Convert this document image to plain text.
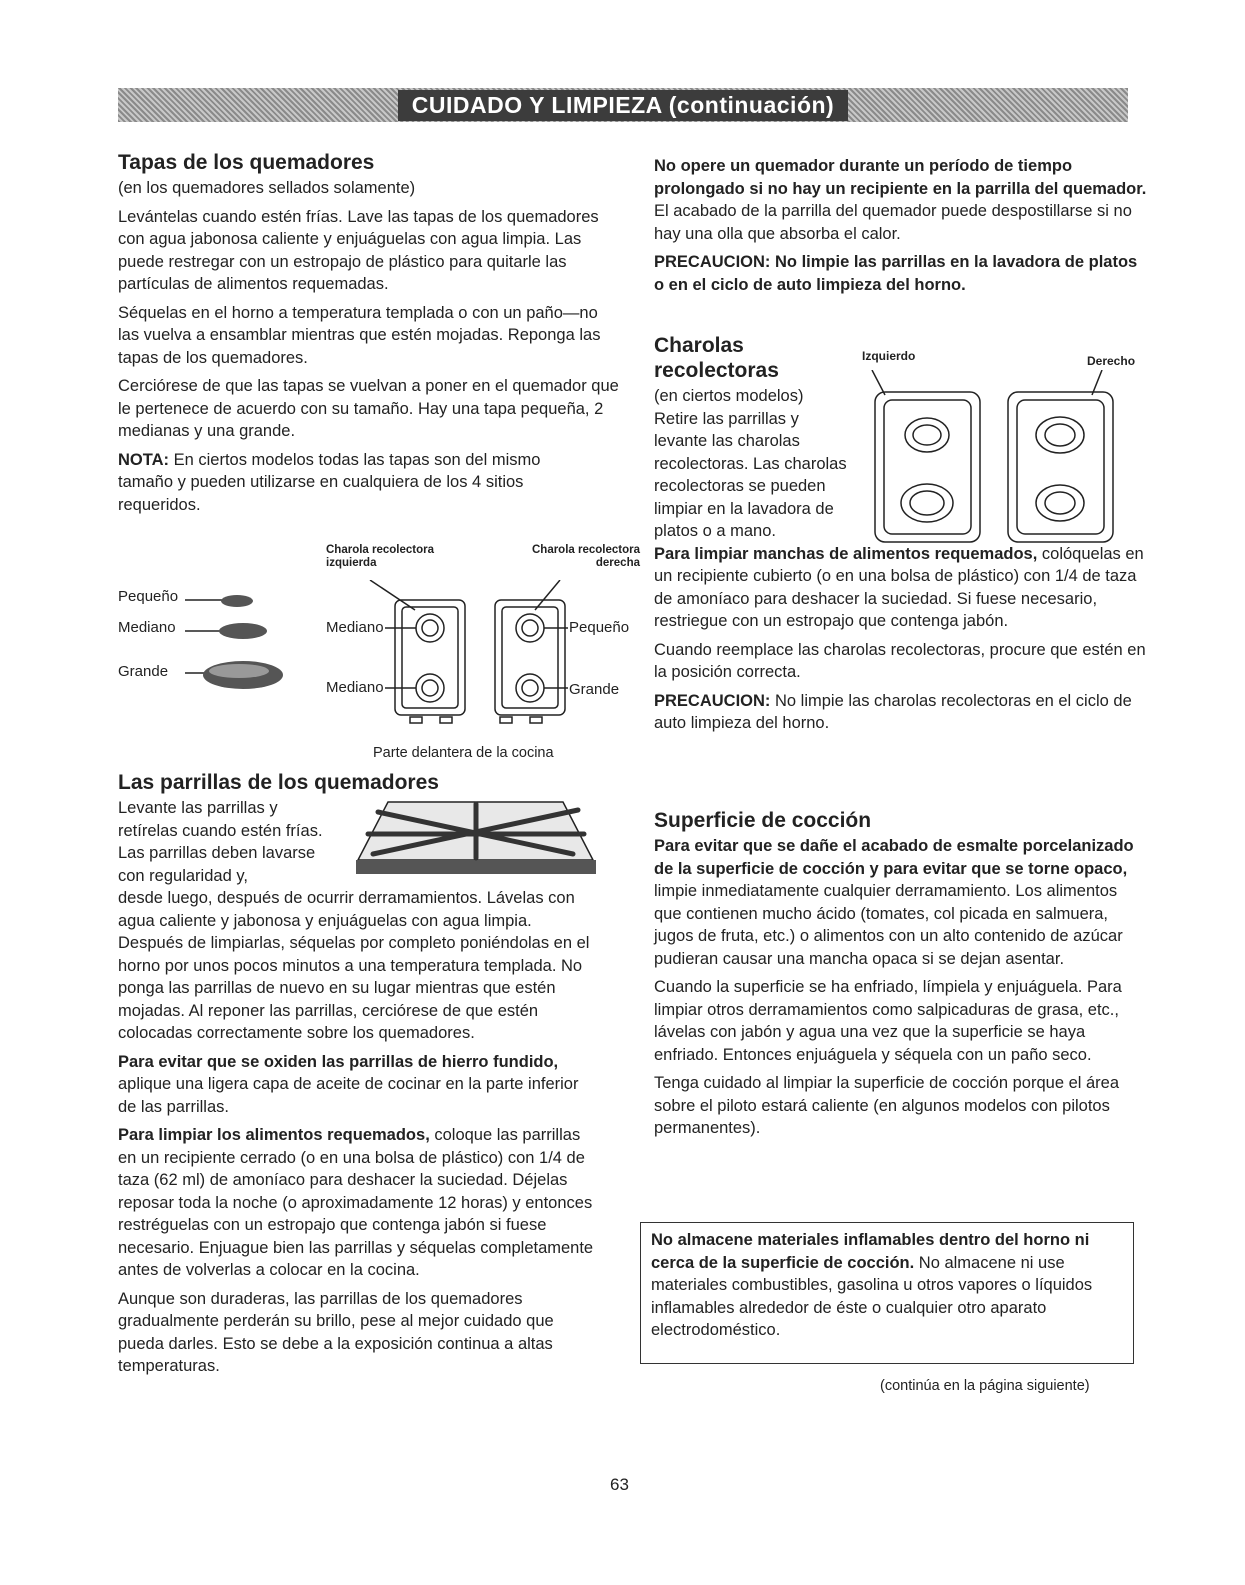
CUIDADO Y LIMPIEZA (continuación)
Tapas de los quemadores

(en los quemadores sellados solamente)

Levántelas cuando estén frías. Lave las tapas de los quemadores con agua jabonosa caliente y enjuáguelas con agua limpia. Las puede restregar con un estropajo de plástico para quitarle las partículas de alimentos requemadas.

Séquelas en el horno a temperatura templada o con un paño—no las vuelva a ensamblar mientras que estén mojadas. Reponga las tapas de los quemadores.

Cerciórese de que las tapas se vuelvan a poner en el quemador que le pertenece de acuerdo con su tamaño. Hay una tapa pequeña, 2 medianas y una grande.

NOTA: En ciertos modelos todas las tapas son del mismo tamaño y pueden utilizarse en cualquiera de los 4 sitios requeridos.

Charola recolectora izquierda
Charola recolectora derecha
Pequeño
Mediano
Grande
Mediano
Mediano
Pequeño
Grande
Parte delantera de la cocina
Las parrillas de los quemadores

Levante las parrillas y retírelas cuando estén frías. Las parrillas deben lavarse con regularidad y,

desde luego, después de ocurrir derramamientos. Lávelas con agua caliente y jabonosa y enjuáguelas con agua limpia. Después de limpiarlas, séquelas por completo poniéndolas en el horno por unos pocos minutos a una temperatura templada. No ponga las parrillas de nuevo en su lugar mientras que estén mojadas. Al reponer las parrillas, cerciórese de que estén colocadas correctamente sobre los quemadores.

Para evitar que se oxiden las parrillas de hierro fundido, aplique una ligera capa de aceite de cocinar en la parte inferior de las parrillas.

Para limpiar los alimentos requemados, coloque las parrillas en un recipiente cerrado (o en una bolsa de plástico) con 1/4 de taza (62 ml) de amoníaco para deshacer la suciedad. Déjelas reposar toda la noche (o aproximadamente 12 horas) y entonces restréguelas con un estropajo que contenga jabón si fuese necesario. Enjuague bien las parrillas y séquelas completamente antes de volverlas a colocar en la cocina.

Aunque son duraderas, las parrillas de los quemadores gradualmente perderán su brillo, pese al mejor cuidado que pueda darles. Esto se debe a la exposición continua a altas temperaturas.

No opere un quemador durante un período de tiempo prolongado si no hay un recipiente en la parrilla del quemador. El acabado de la parrilla del quemador puede despostillarse si no hay una olla que absorba el calor.

PRECAUCION: No limpie las parrillas en la lavadora de platos o en el ciclo de auto limpieza del horno.

Charolas recolectoras
Izquierdo	Derecho

(en ciertos modelos)

Retire las parrillas y levante las charolas recolectoras. Las charolas recolectoras se pueden limpiar en la lavadora de platos o a mano.

Para limpiar manchas de alimentos requemados, colóquelas en un recipiente cubierto (o en una bolsa de plástico) con 1/4 de taza de amoníaco para deshacer la suciedad. Si fuese necesario, restriegue con un estropajo que contenga jabón.

Cuando reemplace las charolas recolectoras, procure que estén en la posición correcta.

PRECAUCION: No limpie las charolas recolectoras en el ciclo de auto limpieza del horno.

Superficie de cocción

Para evitar que se dañe el acabado de esmalte porcelanizado de la superficie de cocción y para evitar que se torne opaco, limpie inmediatamente cualquier derramamiento. Los alimentos que contienen mucho ácido (tomates, col picada en salmuera, jugos de fruta, etc.) o alimentos con un alto contenido de azúcar pudieran causar una mancha opaca si se dejan asentar.

Cuando la superficie se ha enfriado, límpiela y enjuáguela. Para limpiar otros derramamientos como salpicaduras de grasa, etc., lávelas con jabón y agua una vez que la superficie se haya enfriado. Entonces enjuáguela y séquela con un paño seco.

Tenga cuidado al limpiar la superficie de cocción porque el área sobre el piloto estará caliente (en algunos modelos con pilotos permanentes).

No almacene materiales inflamables dentro del horno ni cerca de la superficie de cocción. No almacene ni use materiales combustibles, gasolina u otros vapores o líquidos inflamables alrededor de éste o cualquier otro aparato electrodoméstico.
(continúa en la página siguiente)
63
